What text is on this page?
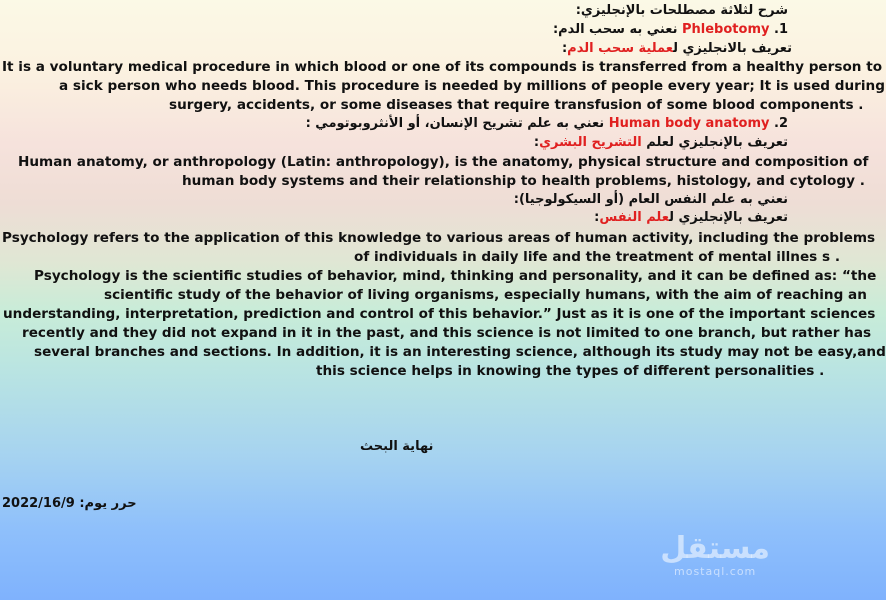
شرح لثلاثة مصطلحات بالإنجليزي:
1. Phlebotomy نعني به سحب الدم:
تعريف بالانجليزي لعملية سحب الدم:
It is a voluntary medical procedure in which blood or one of its compounds is transferred from a healthy person to
a sick person who needs blood. This procedure is needed by millions of people every year; It is used during
surgery, accidents, or some diseases that require transfusion of some blood components .
2. Human body anatomy نعني به علم تشريح الإنسان، أو الأنثروبوتومي :
تعريف بالإنجليزي لعلم التشريح البشري:
Human anatomy, or anthropology (Latin: anthropology), is the anatomy, physical structure and composition of
human body systems and their relationship to health problems, histology, and cytology .
نعني به علم النفس العام (أو السيكولوجيا):
تعريف بالإنجليزي لعلم النفس:
Psychology refers to the application of this knowledge to various areas of human activity, including the problems
of individuals in daily life and the treatment of mental illnes s .
Psychology is the scientific studies of behavior, mind, thinking and personality, and it can be defined as: “the
scientific study of the behavior of living organisms, especially humans, with the aim of reaching an
understanding, interpretation, prediction and control of this behavior.” Just as it is one of the important sciences
recently and they did not expand in it in the past, and this science is not limited to one branch, but rather has
several branches and sections. In addition, it is an interesting science, although its study may not be easy,and
this science helps in knowing the types of different personalities .
نهاية البحث
2022/16/9 حرر يوم:
مستقل
mostaql.com
